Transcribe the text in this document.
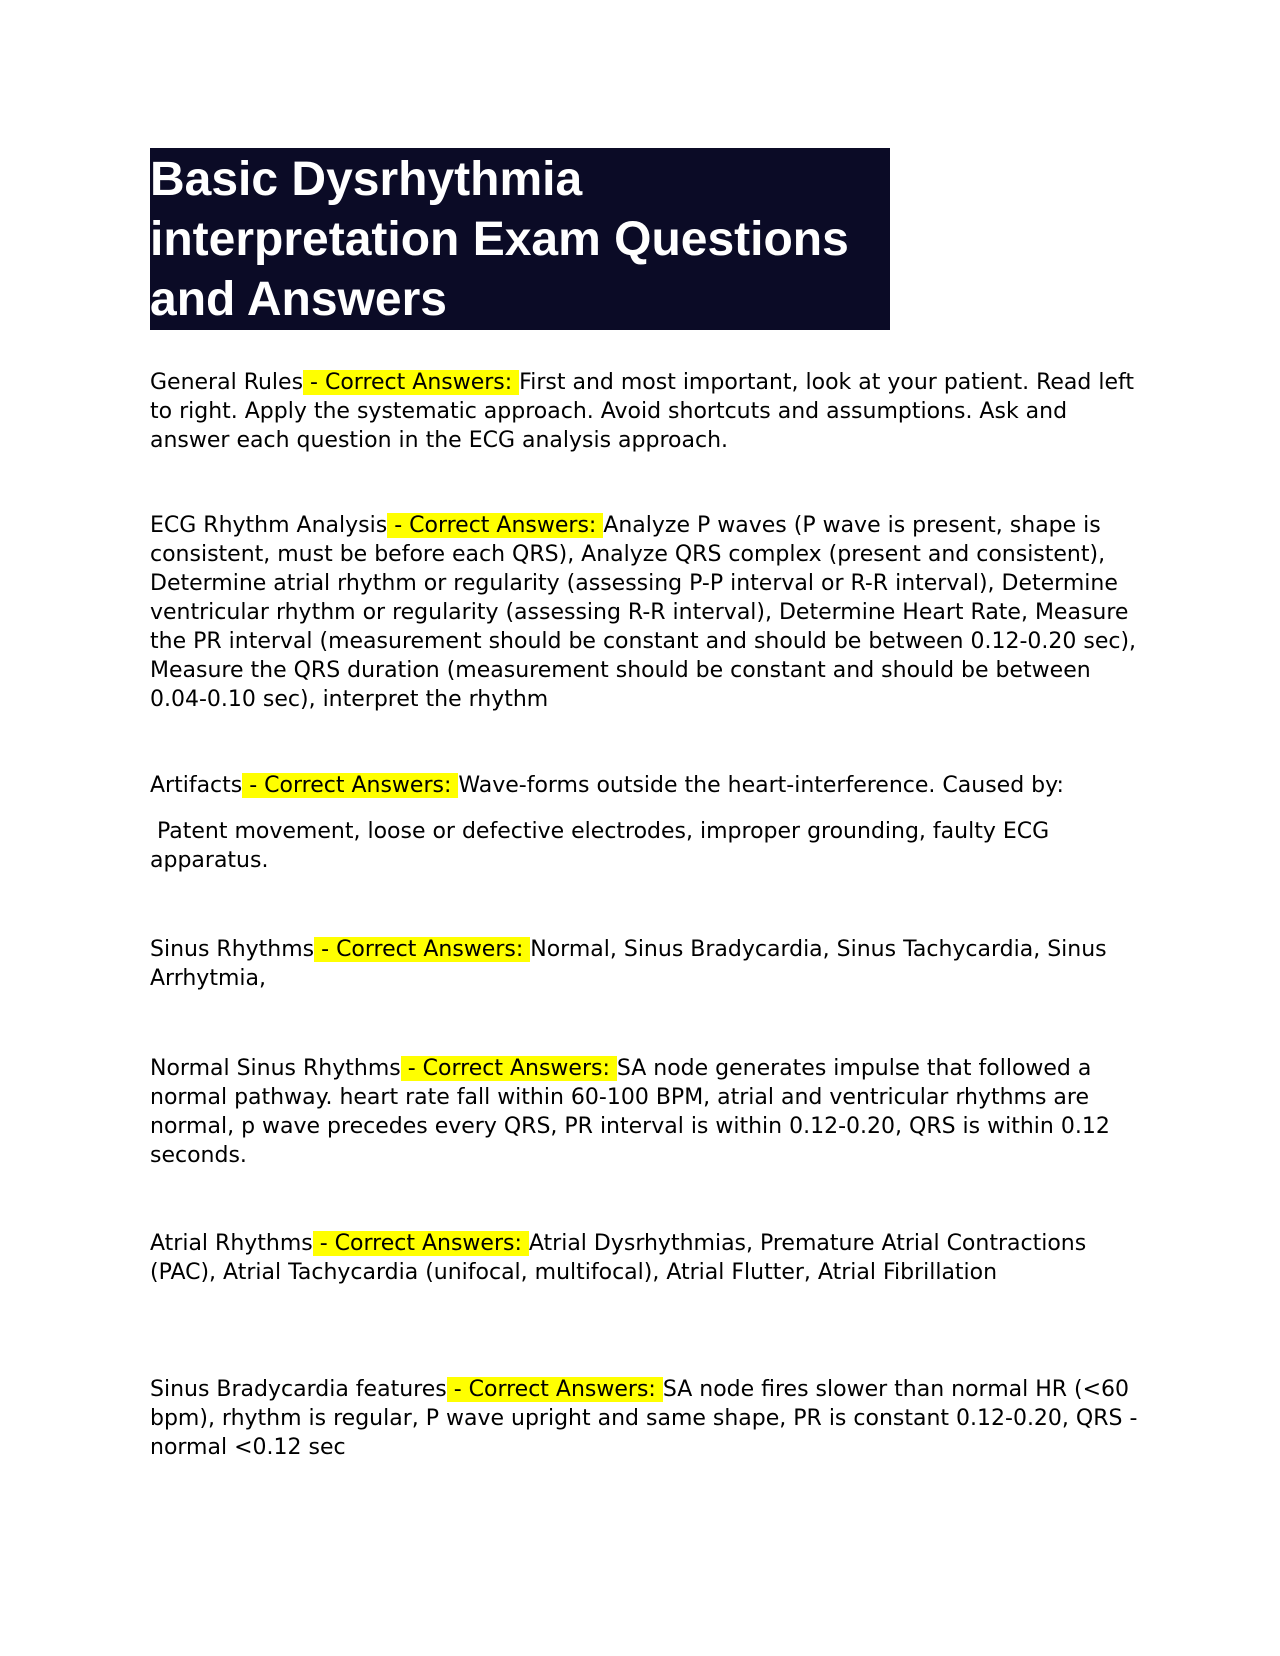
Basic Dysrhythmia
interpretation Exam Questions
and Answers

General Rules - Correct Answers: First and most important, look at your patient. Read left to right. Apply the systematic approach. Avoid shortcuts and assumptions. Ask and answer each question in the ECG analysis approach.

ECG Rhythm Analysis - Correct Answers: Analyze P waves (P wave is present, shape is consistent, must be before each QRS), Analyze QRS complex (present and consistent), Determine atrial rhythm or regularity (assessing P-P interval or R-R interval), Determine ventricular rhythm or regularity (assessing R-R interval), Determine Heart Rate, Measure the PR interval (measurement should be constant and should be between 0.12-0.20 sec), Measure the QRS duration (measurement should be constant and should be between 0.04-0.10 sec), interpret the rhythm

Artifacts - Correct Answers: Wave-forms outside the heart-interference. Caused by:

Patent movement, loose or defective electrodes, improper grounding, faulty ECG apparatus.

Sinus Rhythms - Correct Answers: Normal, Sinus Bradycardia, Sinus Tachycardia, Sinus Arrhytmia,

Normal Sinus Rhythms - Correct Answers: SA node generates impulse that followed a normal pathway. heart rate fall within 60-100 BPM, atrial and ventricular rhythms are normal, p wave precedes every QRS, PR interval is within 0.12-0.20, QRS is within 0.12 seconds.

Atrial Rhythms - Correct Answers: Atrial Dysrhythmias, Premature Atrial Contractions (PAC), Atrial Tachycardia (unifocal, multifocal), Atrial Flutter, Atrial Fibrillation

Sinus Bradycardia features - Correct Answers: SA node fires slower than normal HR (<60 bpm), rhythm is regular, P wave upright and same shape, PR is constant 0.12-0.20, QRS -normal <0.12 sec
